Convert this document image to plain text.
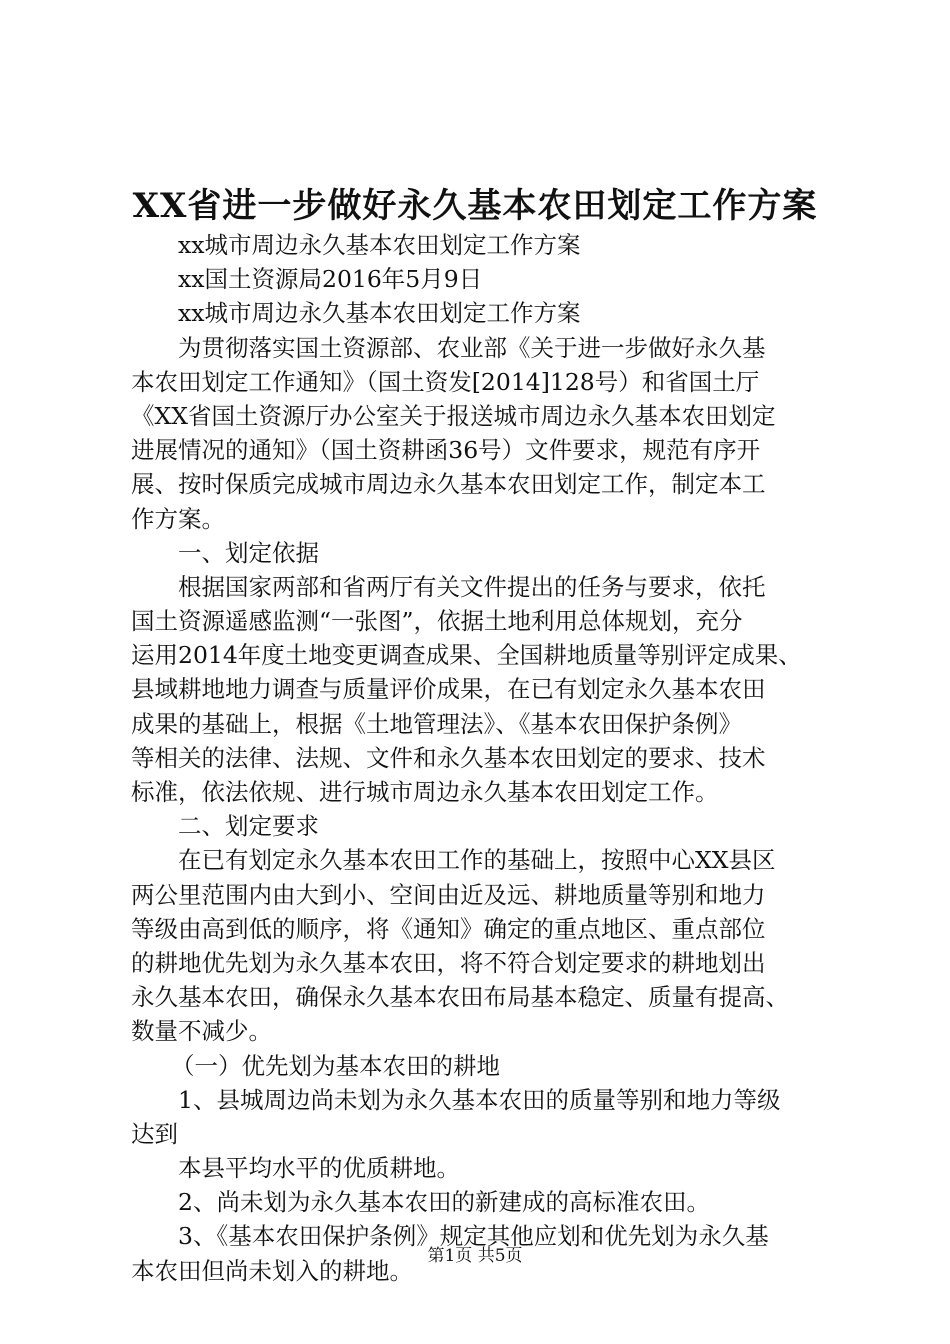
XX省进一步做好永久基本农田划定工作方案
xx城市周边永久基本农田划定工作方案
xx国土资源局2016年5月9日
xx城市周边永久基本农田划定工作方案
为贯彻落实国土资源部、农业部《关于进一步做好永久基
本农田划定工作通知》（国土资发[2014]128号）和省国土厅
《XX省国土资源厅办公室关于报送城市周边永久基本农田划定
进展情况的通知》（国土资耕函36号）文件要求，规范有序开
展、按时保质完成城市周边永久基本农田划定工作，制定本工
作方案。
一、划定依据
根据国家两部和省两厅有关文件提出的任务与要求，依托
国土资源遥感监测“一张图”，依据土地利用总体规划，充分
运用2014年度土地变更调查成果、全国耕地质量等别评定成果、
县域耕地地力调查与质量评价成果，在已有划定永久基本农田
成果的基础上，根据《土地管理法》、《基本农田保护条例》
等相关的法律、法规、文件和永久基本农田划定的要求、技术
标准，依法依规、进行城市周边永久基本农田划定工作。
二、划定要求
在已有划定永久基本农田工作的基础上，按照中心XX县区
两公里范围内由大到小、空间由近及远、耕地质量等别和地力
等级由高到低的顺序，将《通知》确定的重点地区、重点部位
的耕地优先划为永久基本农田，将不符合划定要求的耕地划出
永久基本农田，确保永久基本农田布局基本稳定、质量有提高、
数量不减少。
（一）优先划为基本农田的耕地
1、县城周边尚未划为永久基本农田的质量等别和地力等级
达到
本县平均水平的优质耕地。
2、尚未划为永久基本农田的新建成的高标准农田。
3、《基本农田保护条例》规定其他应划和优先划为永久基
本农田但尚未划入的耕地。
第1页 共5页
